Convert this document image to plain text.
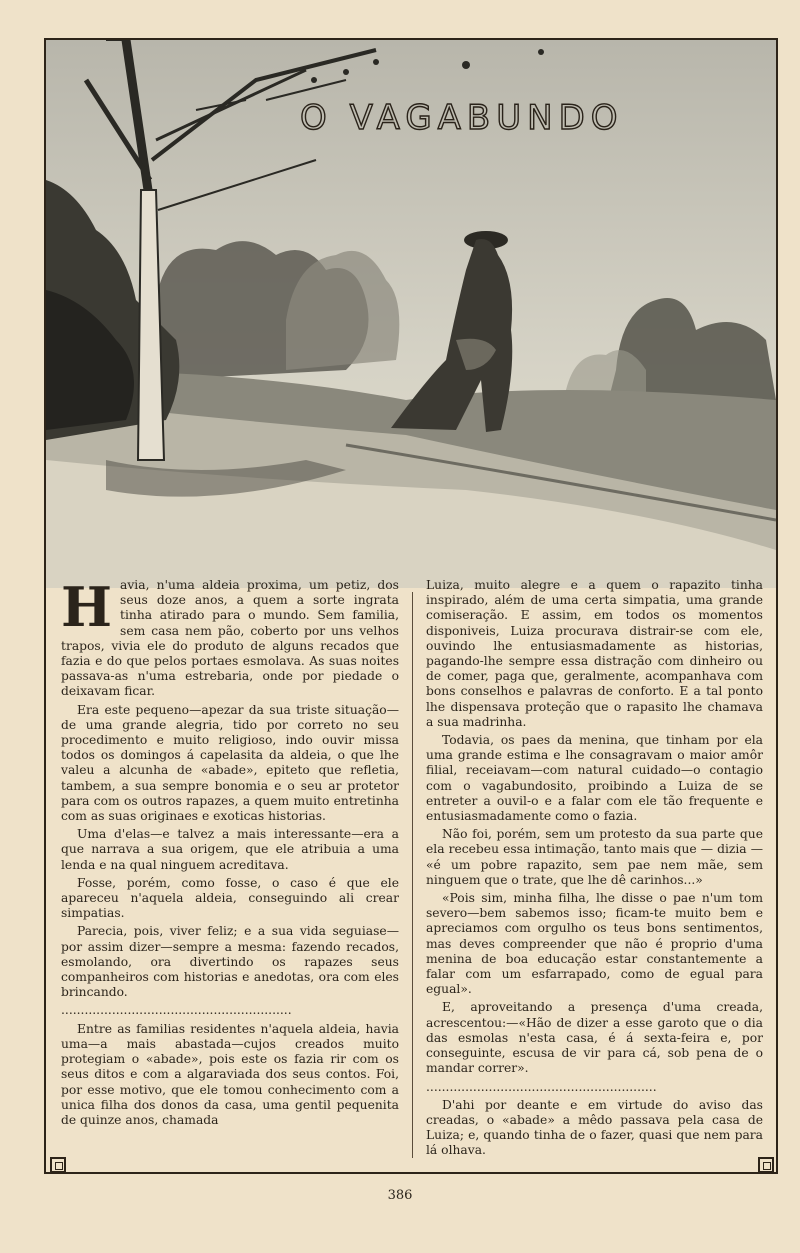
O VAGABUNDO

Havia, n'uma aldeia proxima, um petiz, dos seus doze anos, a quem a sorte ingrata tinha atirado para o mundo. Sem familia, sem casa nem pão, coberto por uns velhos trapos, vivia ele do produto de alguns recados que fazia e do que pelos portaes esmolava. As suas noites passava-as n'uma estrebaria, onde por piedade o deixavam ficar.

Era este pequeno—apezar da sua triste situação—de uma grande alegria, tido por correto no seu procedimento e muito religioso, indo ouvir missa todos os domingos á capelasita da aldeia, o que lhe valeu a alcunha de «abade», epiteto que refletia, tambem, a sua sempre bonomia e o seu ar protetor para com os outros rapazes, a quem muito entretinha com as suas originaes e exoticas historias.

Uma d'elas—e talvez a mais interessante—era a que narrava a sua origem, que ele atribuia a uma lenda e na qual ninguem acreditava.

Fosse, porém, como fosse, o caso é que ele apareceu n'aquela aldeia, conseguindo ali crear simpatias.

Parecia, pois, viver feliz; e a sua vida seguiase—por assim dizer—sempre a mesma: fazendo recados, esmolando, ora divertindo os rapazes seus companheiros com historias e anedotas, ora com eles brincando.

...........................................................

Entre as familias residentes n'aquela aldeia, havia uma—a mais abastada—cujos creados muito protegiam o «abade», pois este os fazia rir com os seus ditos e com a algaraviada dos seus contos. Foi, por esse motivo, que ele tomou conhecimento com a unica filha dos donos da casa, uma gentil pequenita de quinze anos, chamada

Luiza, muito alegre e a quem o rapazito tinha inspirado, além de uma certa simpatia, uma grande comiseração. E assim, em todos os momentos disponiveis, Luiza procurava distrair-se com ele, ouvindo lhe entusiasmadamente as historias, pagando-lhe sempre essa distração com dinheiro ou de comer, paga que, geralmente, acompanhava com bons conselhos e palavras de conforto. E a tal ponto lhe dispensava proteção que o rapasito lhe chamava a sua madrinha.

Todavia, os paes da menina, que tinham por ela uma grande estima e lhe consagravam o maior amôr filial, receiavam—com natural cuidado—o contagio com o vagabundosito, proibindo a Luiza de se entreter a ouvil-o e a falar com ele tão frequente e entusiasmadamente como o fazia.

Não foi, porém, sem um protesto da sua parte que ela recebeu essa intimação, tanto mais que — dizia — «é um pobre rapazito, sem pae nem mãe, sem ninguem que o trate, que lhe dê carinhos...»

«Pois sim, minha filha, lhe disse o pae n'um tom severo—bem sabemos isso; ficam-te muito bem e apreciamos com orgulho os teus bons sentimentos, mas deves compreender que não é proprio d'uma menina de boa educação estar constantemente a falar com um esfarrapado, como de egual para egual».

E, aproveitando a presença d'uma creada, acrescentou:—«Hão de dizer a esse garoto que o dia das esmolas n'esta casa, é á sexta-feira e, por conseguinte, escusa de vir para cá, sob pena de o mandar correr».

...........................................................

D'ahi por deante e em virtude do aviso das creadas, o «abade» a mêdo passava pela casa de Luiza; e, quando tinha de o fazer, quasi que nem para lá olhava.

386
